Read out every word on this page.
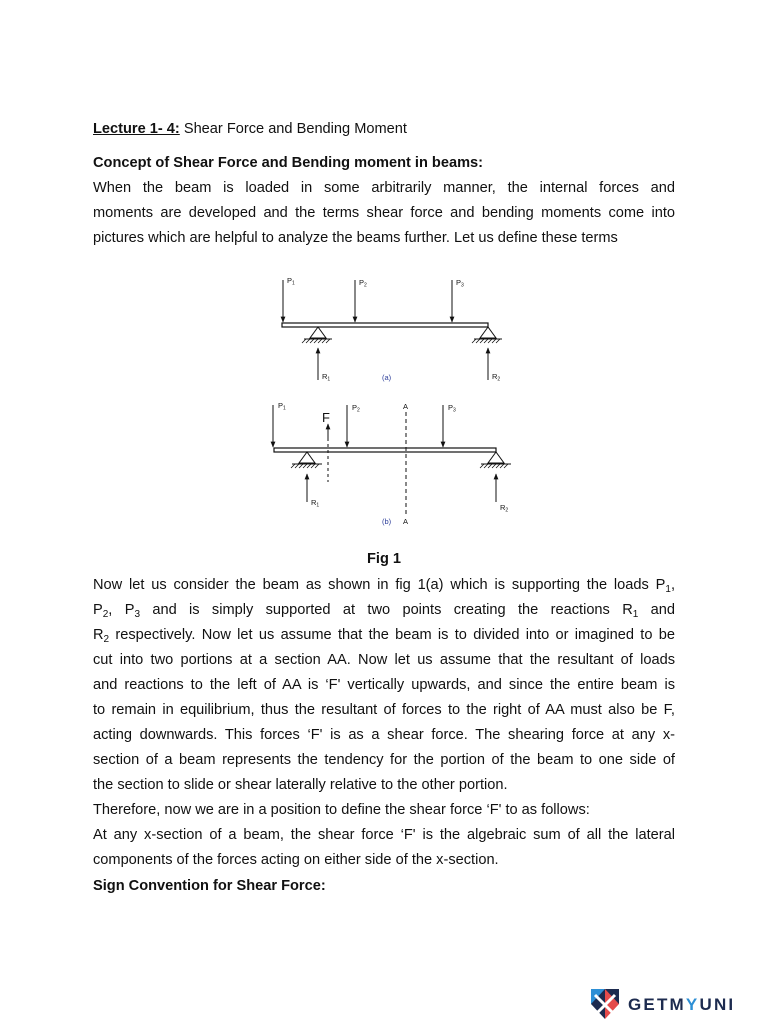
Lecture 1- 4: Shear Force and Bending Moment
Concept of Shear Force and Bending moment in beams:
When the beam is loaded in some arbitrarily manner, the internal forces and
moments are developed and the terms shear force and bending moments come into
pictures which are helpful to analyze the beams further. Let us define these terms
$P_1$	$P_2$	$P_3$
$R_1$	$R_2$
(a)
$P_1$	$P_2$	$P_3$
F
A
A
$R_1$	$R_2$
(b)
Fig 1
Now let us consider the beam as shown in fig 1(a) which is supporting the loads $P_1$,
$P_2$, $P_3$ and is simply supported at two points creating the reactions $R_1$ and
$R_2$ respectively. Now let us assume that the beam is to divided into or imagined to be
cut into two portions at a section AA. Now let us assume that the resultant of loads
and reactions to the left of AA is ‘F' vertically upwards, and since the entire beam is
to remain in equilibrium, thus the resultant of forces to the right of AA must also be F,
acting downwards. This forces ‘F' is as a shear force. The shearing force at any x-
section of a beam represents the tendency for the portion of the beam to one side of
the section to slide or shear laterally relative to the other portion.
Therefore, now we are in a position to define the shear force ‘F' to as follows:
At any x-section of a beam, the shear force ‘F' is the algebraic sum of all the lateral
components of the forces acting on either side of the x-section.
Sign Convention for Shear Force:
GETMYUNI
